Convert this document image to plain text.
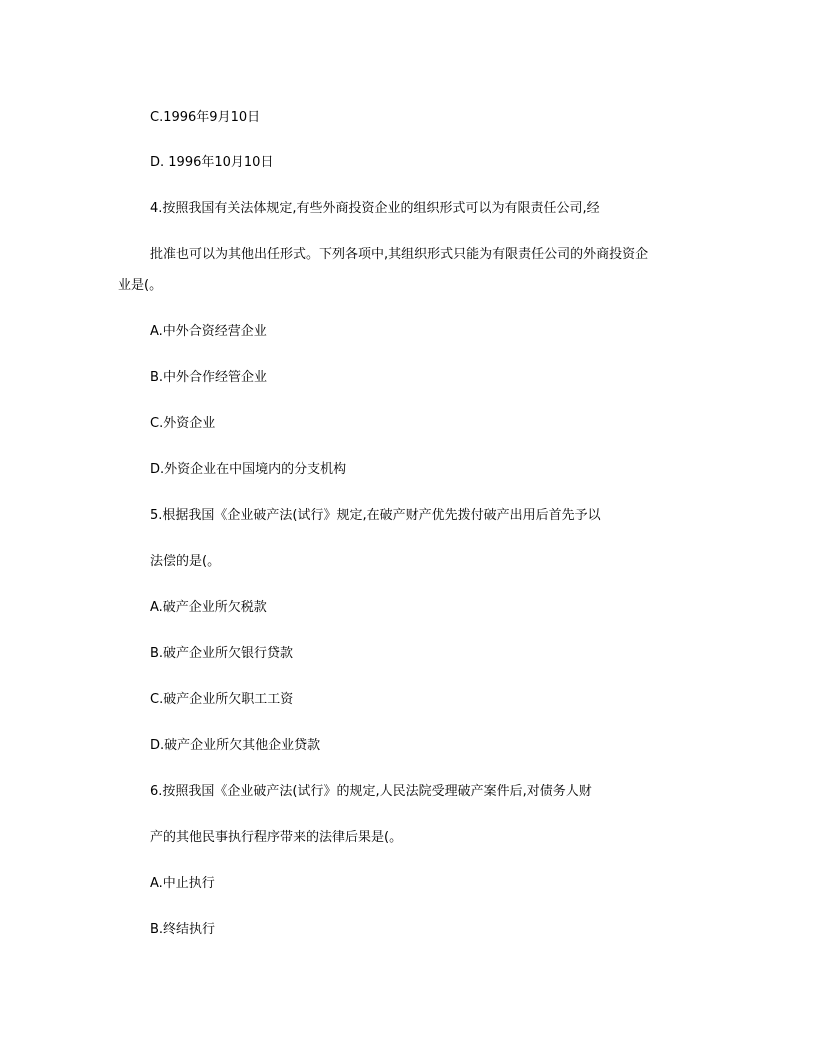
C.1996年9月10日
D. 1996年10月10日
4.按照我国有关法体规定,有些外商投资企业的组织形式可以为有限责任公司,经
批准也可以为其他出任形式。下列各项中,其组织形式只能为有限责任公司的外商投资企
业是(。
A.中外合资经营企业
B.中外合作经管企业
C.外资企业
D.外资企业在中国境内的分支机构
5.根据我国《企业破产法(试行》规定,在破产财产优先拨付破产出用后首先予以
法偿的是(。
A.破产企业所欠税款
B.破产企业所欠银行贷款
C.破产企业所欠职工工资
D.破产企业所欠其他企业贷款
6.按照我国《企业破产法(试行》的规定,人民法院受理破产案件后,对债务人财
产的其他民事执行程序带来的法律后果是(。
A.中止执行
B.终结执行
